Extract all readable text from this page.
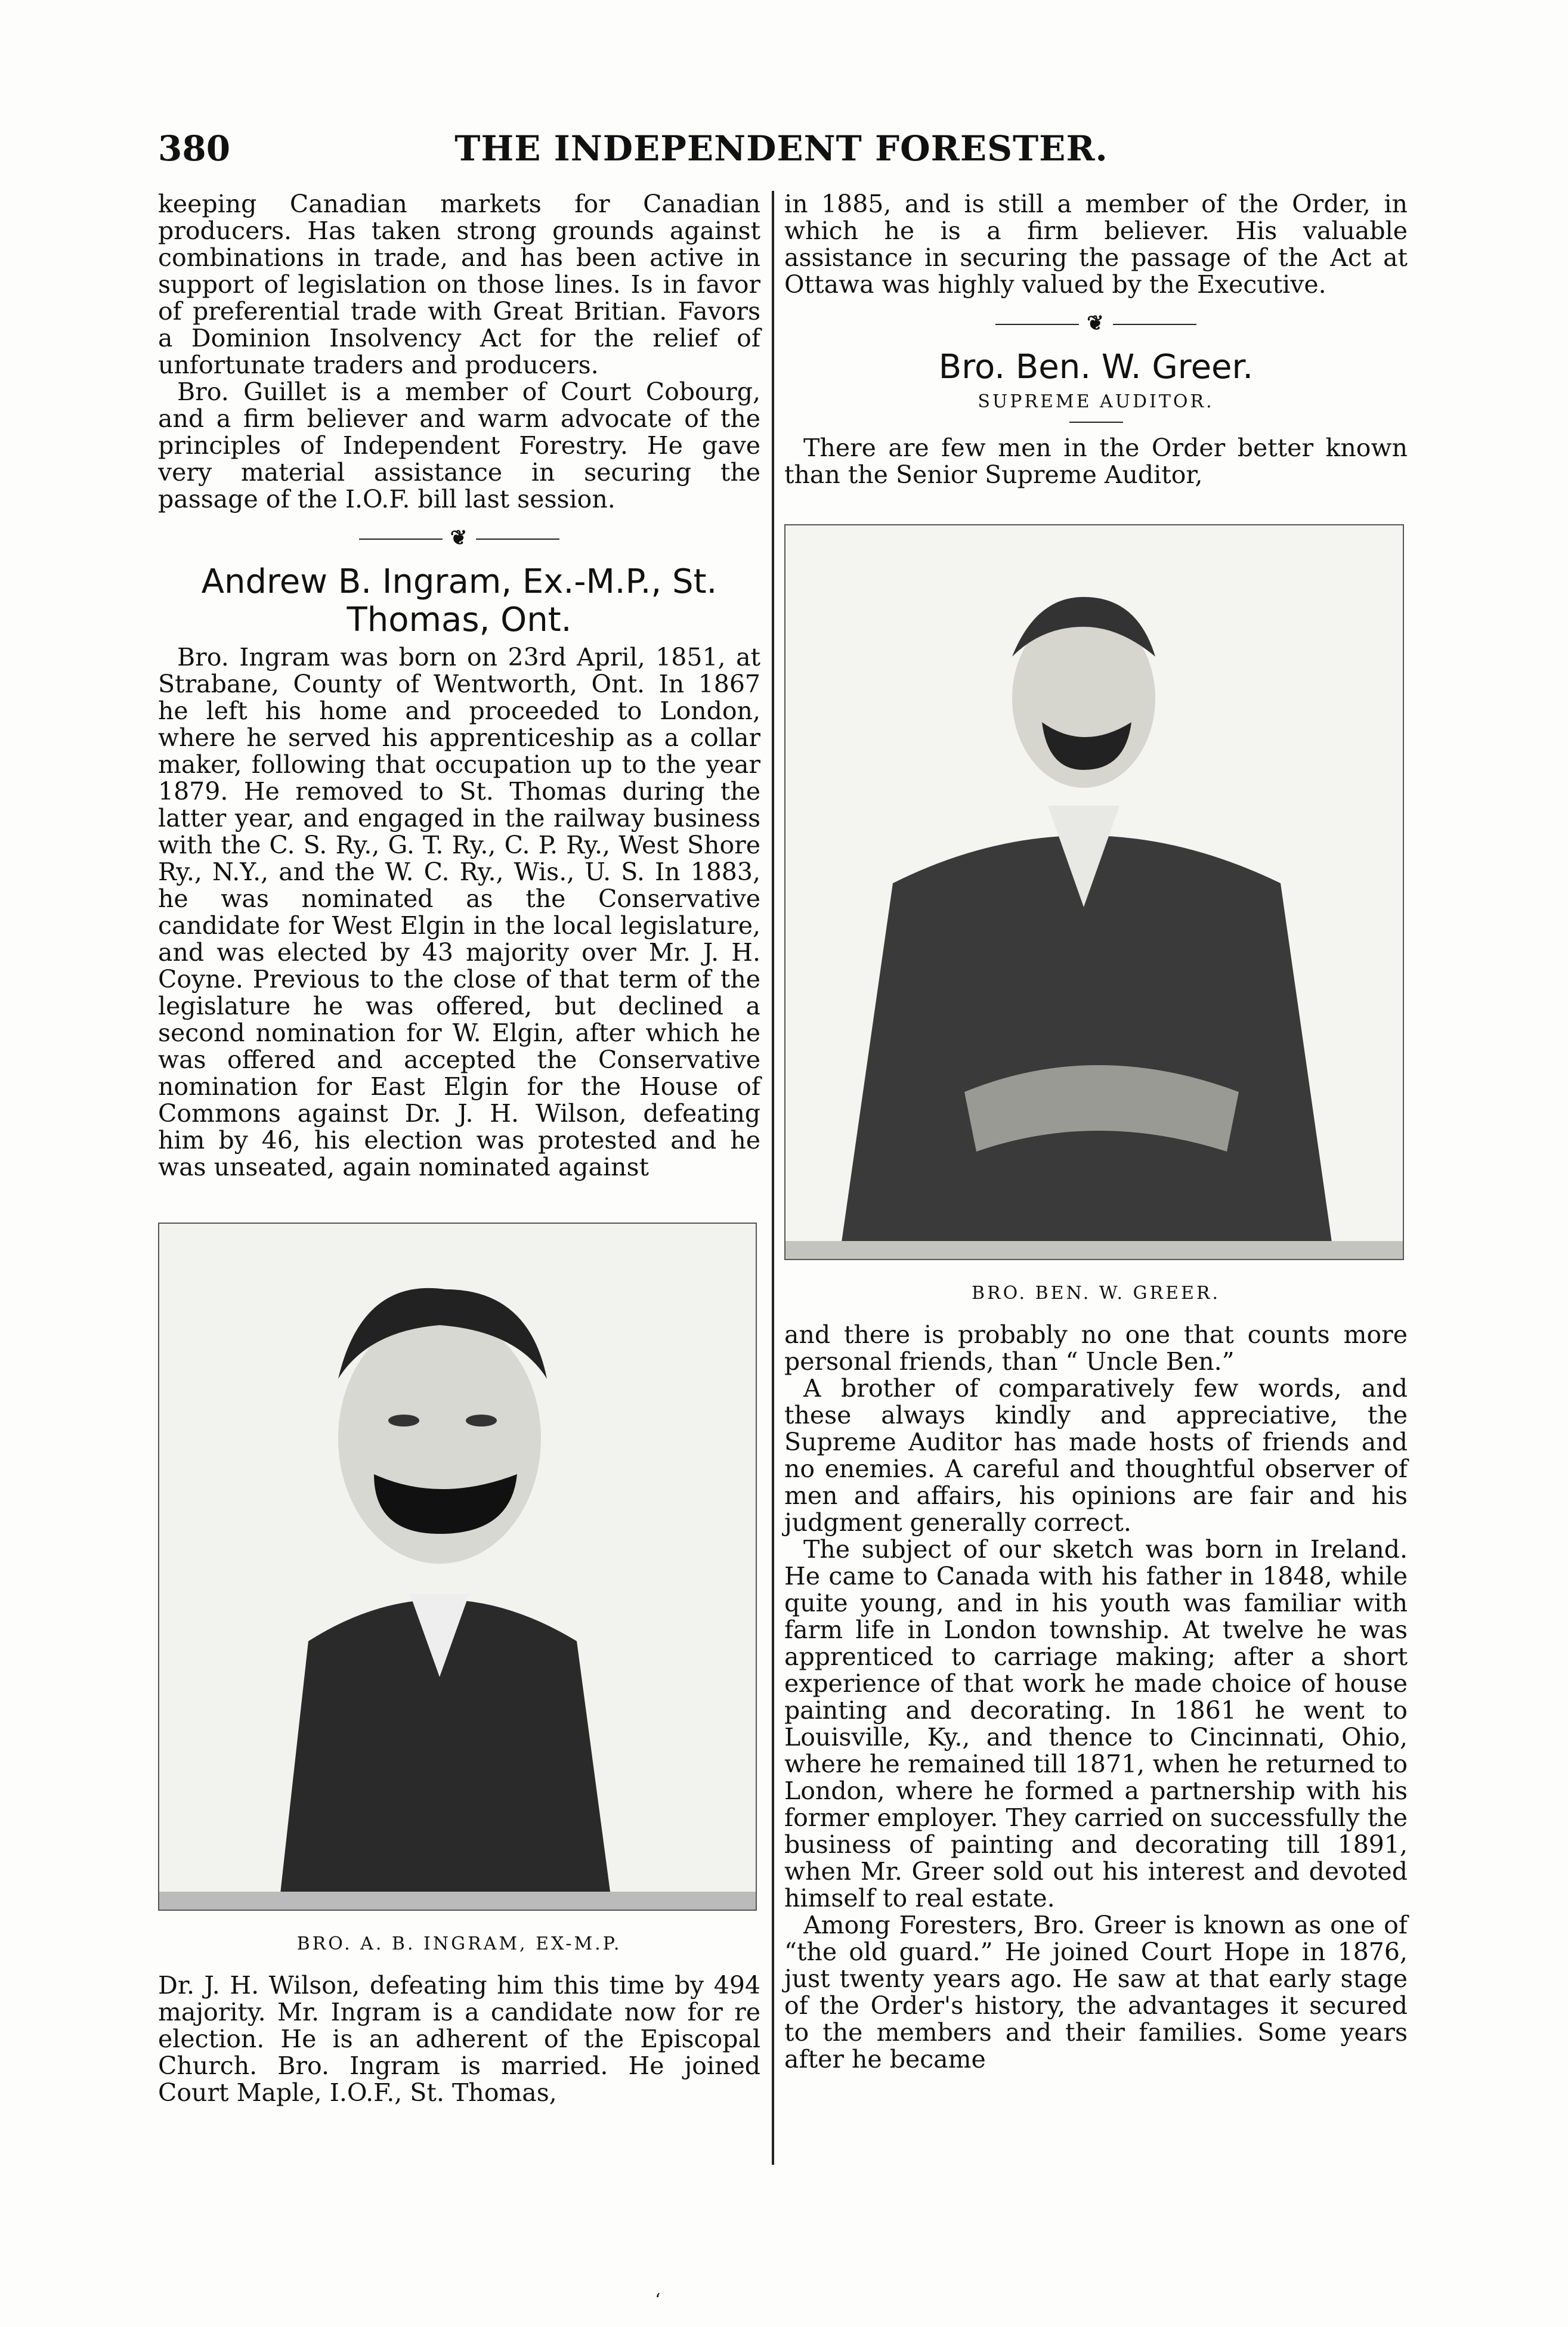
380	THE INDEPENDENT FORESTER.

keeping Canadian markets for Canadian producers. Has taken strong grounds against combinations in trade, and has been active in support of legislation on those lines. Is in favor of preferential trade with Great Britian. Favors a Dominion Insolvency Act for the relief of unfortunate traders and producers.

Bro. Guillet is a member of Court Cobourg, and a firm believer and warm advocate of the principles of Independent Forestry. He gave very material assistance in securing the passage of the I.O.F. bill last session.

❦
Andrew B. Ingram, Ex.-M.P., St. Thomas, Ont.

Bro. Ingram was born on 23rd April, 1851, at Strabane, County of Wentworth, Ont. In 1867 he left his home and proceeded to London, where he served his apprenticeship as a collar maker, following that occupation up to the year 1879. He removed to St. Thomas during the latter year, and engaged in the railway business with the C. S. Ry., G. T. Ry., C. P. Ry., West Shore Ry., N.Y., and the W. C. Ry., Wis., U. S. In 1883, he was nominated as the Conservative candidate for West Elgin in the local legislature, and was elected by 43 majority over Mr. J. H. Coyne. Previous to the close of that term of the legislature he was offered, but declined a second nomination for W. Elgin, after which he was offered and accepted the Conservative nomination for East Elgin for the House of Commons against Dr. J. H. Wilson, defeating him by 46, his election was protested and he was unseated, again nominated against

BRO. A. B. INGRAM, EX-M.P.

Dr. J. H. Wilson, defeating him this time by 494 majority. Mr. Ingram is a candidate now for re election. He is an adherent of the Episcopal Church. Bro. Ingram is married. He joined Court Maple, I.O.F., St. Thomas,

in 1885, and is still a member of the Order, in which he is a firm believer. His valuable assistance in securing the passage of the Act at Ottawa was highly valued by the Executive.

❦
Bro. Ben. W. Greer.
SUPREME AUDITOR.

There are few men in the Order better known than the Senior Supreme Auditor,

BRO. BEN. W. GREER.

and there is probably no one that counts more personal friends, than “ Uncle Ben.”

A brother of comparatively few words, and these always kindly and appreciative, the Supreme Auditor has made hosts of friends and no enemies. A careful and thoughtful observer of men and affairs, his opinions are fair and his judgment generally correct.

The subject of our sketch was born in Ireland. He came to Canada with his father in 1848, while quite young, and in his youth was familiar with farm life in London township. At twelve he was apprenticed to carriage making; after a short experience of that work he made choice of house painting and decorating. In 1861 he went to Louisville, Ky., and thence to Cincinnati, Ohio, where he remained till 1871, when he returned to London, where he formed a partnership with his former employer. They carried on successfully the business of painting and decorating till 1891, when Mr. Greer sold out his interest and devoted himself to real estate.

Among Foresters, Bro. Greer is known as one of “the old guard.” He joined Court Hope in 1876, just twenty years ago. He saw at that early stage of the Order's history, the advantages it secured to the members and their families. Some years after he became

‘
